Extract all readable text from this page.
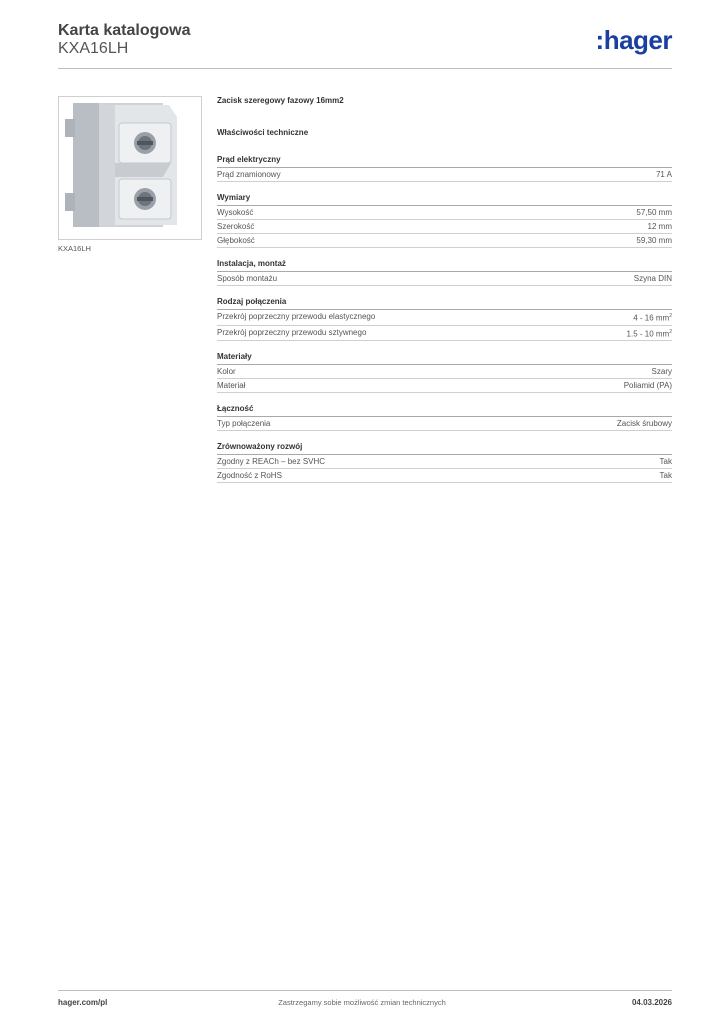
Karta katalogowa
KXA16LH	:hager
KXA16LH
Zacisk szeregowy fazowy 16mm2
Właściwości techniczne
Prąd elektryczny
Prąd znamionowy	71 A
Wymiary
Wysokość	57,50 mm
Szerokość	12 mm
Głębokość	59,30 mm
Instalacja, montaż
Sposób montażu	Szyna DIN
Rodzaj połączenia
Przekrój poprzeczny przewodu elastycznego	4 - 16 $mm^2$
Przekrój poprzeczny przewodu sztywnego	1.5 - 10 $mm^2$
Materiały
Kolor	Szary
Materiał	Poliamid (PA)
Łączność
Typ połączenia	Zacisk śrubowy
Zrównoważony rozwój
Zgodny z REACh – bez SVHC	Tak
Zgodność z RoHS	Tak
hager.com/pl	Zastrzegamy sobie możliwość zmian technicznych	04.03.2026
